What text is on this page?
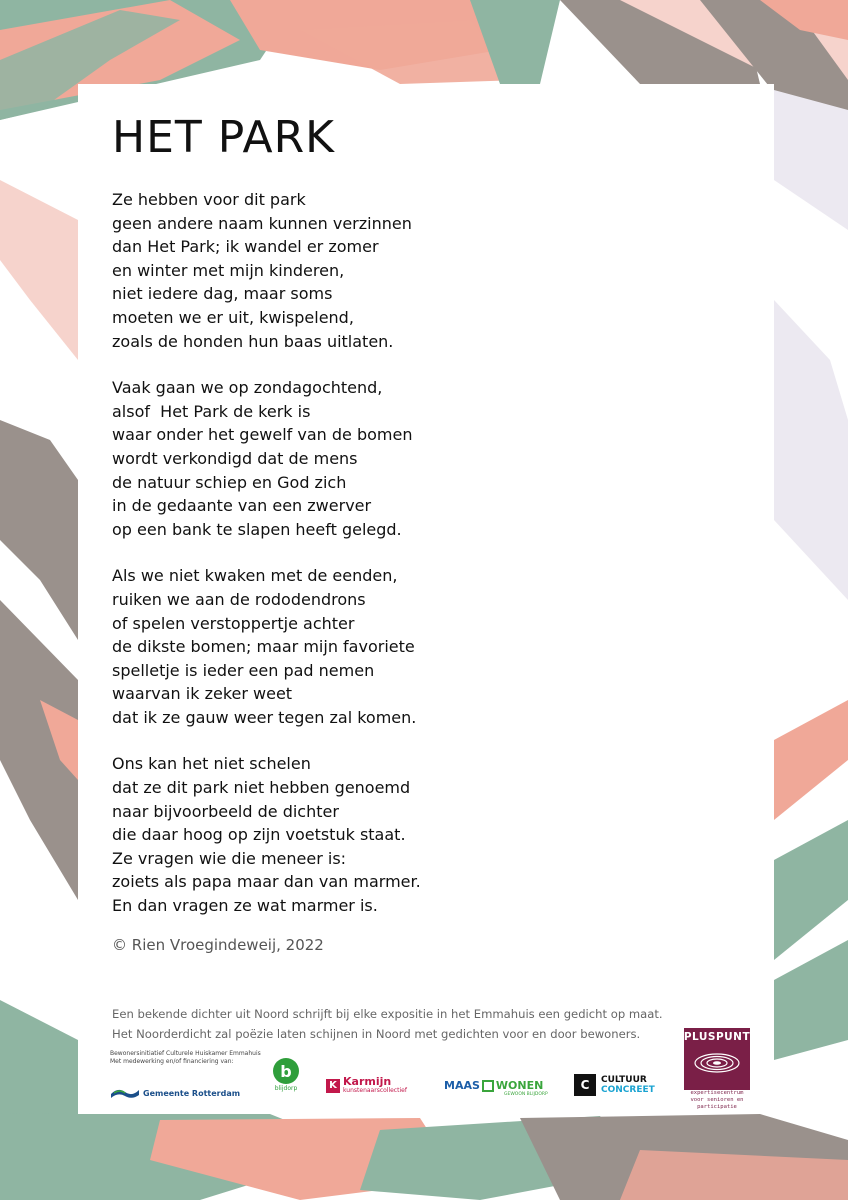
HET PARK
Ze hebben voor dit park
geen andere naam kunnen verzinnen
dan Het Park; ik wandel er zomer
en winter met mijn kinderen,
niet iedere dag, maar soms
moeten we er uit, kwispelend,
zoals de honden hun baas uitlaten.
Vaak gaan we op zondagochtend,
alsof  Het Park de kerk is
waar onder het gewelf van de bomen
wordt verkondigd dat de mens
de natuur schiep en God zich
in de gedaante van een zwerver
op een bank te slapen heeft gelegd.
Als we niet kwaken met de eenden,
ruiken we aan de rododendrons
of spelen verstoppertje achter
de dikste bomen; maar mijn favoriete
spelletje is ieder een pad nemen
waarvan ik zeker weet
dat ik ze gauw weer tegen zal komen.
Ons kan het niet schelen
dat ze dit park niet hebben genoemd
naar bijvoorbeeld de dichter
die daar hoog op zijn voetstuk staat.
Ze vragen wie die meneer is:
zoiets als papa maar dan van marmer.
En dan vragen ze wat marmer is.
© Rien Vroegindeweij, 2022
Een bekende dichter uit Noord schrijft bij elke expositie in het Emmahuis een gedicht op maat.
Het Noorderdicht zal poëzie laten schijnen in Noord met gedichten voor en door bewoners.
Bewonersinitiatief Culturele Huiskamer Emmahuis
Met medewerking en/of financiering van:
Gemeente Rotterdam
b
blijdorp	K Karmijn
kunstenaarscollectief	MAAS WONEN
GEWOON BLIJDORP
C	CULTUUR
CONCREET
PLUSPUNT
expertisecentrum voor senioren en participatie
